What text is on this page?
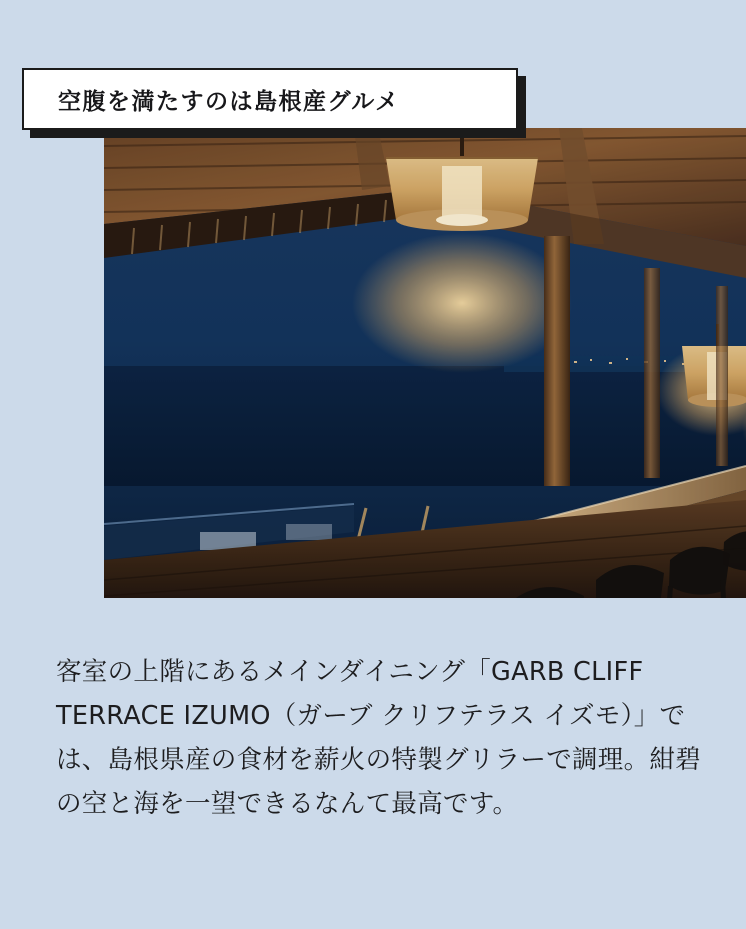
空腹を満たすのは島根産グルメ

客室の上階にあるメインダイニング「GARB CLIFF TERRACE IZUMO（ガーブ クリフテラス イズモ）」では、島根県産の食材を薪火の特製グリラーで調理。紺碧の空と海を一望できるなんて最高です。
